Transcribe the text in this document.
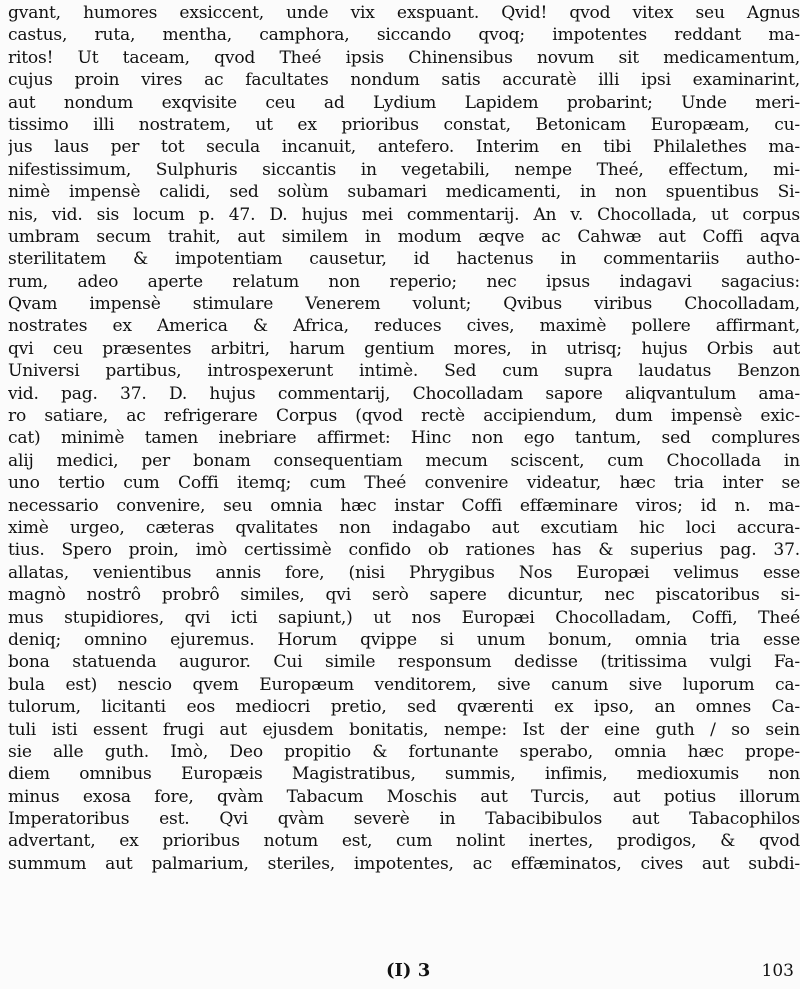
gvant, humores exsiccent, unde vix exspuant. Qvid! qvod vitex seu Agnus
castus, ruta, mentha, camphora, siccando qvoq; impotentes reddant ma-
ritos! Ut taceam, qvod Theé ipsis Chinensibus novum sit medicamentum,
cujus proin vires ac facultates nondum satis accuratè illi ipsi examinarint,
aut nondum exqvisite ceu ad Lydium Lapidem probarint; Unde meri-
tissimo illi nostratem, ut ex prioribus constat, Betonicam Europæam, cu-
jus laus per tot secula incanuit, antefero. Interim en tibi Philalethes ma-
nifestissimum, Sulphuris siccantis in vegetabili, nempe Theé, effectum, mi-
nimè impensè calidi, sed solùm subamari medicamenti, in non spuentibus Si-
nis, vid. sis locum p. 47. D. hujus mei commentarij. An v. Chocollada, ut corpus
umbram secum trahit, aut similem in modum æqve ac Cahwæ aut Coffi aqva
sterilitatem & impotentiam causetur, id hactenus in commentariis autho-
rum, adeo aperte relatum non reperio; nec ipsus indagavi sagacius:
Qvam impensè stimulare Venerem volunt; Qvibus viribus Chocolladam,
nostrates ex America & Africa, reduces cives, maximè pollere affirmant,
qvi ceu præsentes arbitri, harum gentium mores, in utrisq; hujus Orbis aut
Universi partibus, introspexerunt intimè. Sed cum supra laudatus Benzon
vid. pag. 37. D. hujus commentarij, Chocolladam sapore aliqvantulum ama-
ro satiare, ac refrigerare Corpus (qvod rectè accipiendum, dum impensè exic-
cat) minimè tamen inebriare affirmet: Hinc non ego tantum, sed complures
alij medici, per bonam consequentiam mecum sciscent, cum Chocollada in
uno tertio cum Coffi itemq; cum Theé convenire videatur, hæc tria inter se
necessario convenire, seu omnia hæc instar Coffi effæminare viros; id n. ma-
ximè urgeo, cæteras qvalitates non indagabo aut excutiam hic loci accura-
tius. Spero proin, imò certissimè confido ob rationes has & superius pag. 37.
allatas, venientibus annis fore, (nisi Phrygibus Nos Europæi velimus esse
magnò nostrô probrô similes, qvi serò sapere dicuntur, nec piscatoribus si-
mus stupidiores, qvi icti sapiunt,) ut nos Europæi Chocolladam, Coffi, Theé
deniq; omnino ejuremus. Horum qvippe si unum bonum, omnia tria esse
bona statuenda auguror. Cui simile responsum dedisse (tritissima vulgi Fa-
bula est) nescio qvem Europæum venditorem, sive canum sive luporum ca-
tulorum, licitanti eos mediocri pretio, sed qværenti ex ipso, an omnes Ca-
tuli isti essent frugi aut ejusdem bonitatis, nempe: Ist der eine guth / so sein
sie alle guth. Imò, Deo propitio & fortunante sperabo, omnia hæc prope-
diem omnibus Europæis Magistratibus, summis, infimis, medioxumis non
minus exosa fore, qvàm Tabacum Moschis aut Turcis, aut potius illorum
Imperatoribus est. Qvi qvàm severè in Tabacibibulos aut Tabacophilos
advertant, ex prioribus notum est, cum nolint inertes, prodigos, & qvod
summum aut palmarium, steriles, impotentes, ac effæminatos, cives aut subdi-
(I) 3	103
